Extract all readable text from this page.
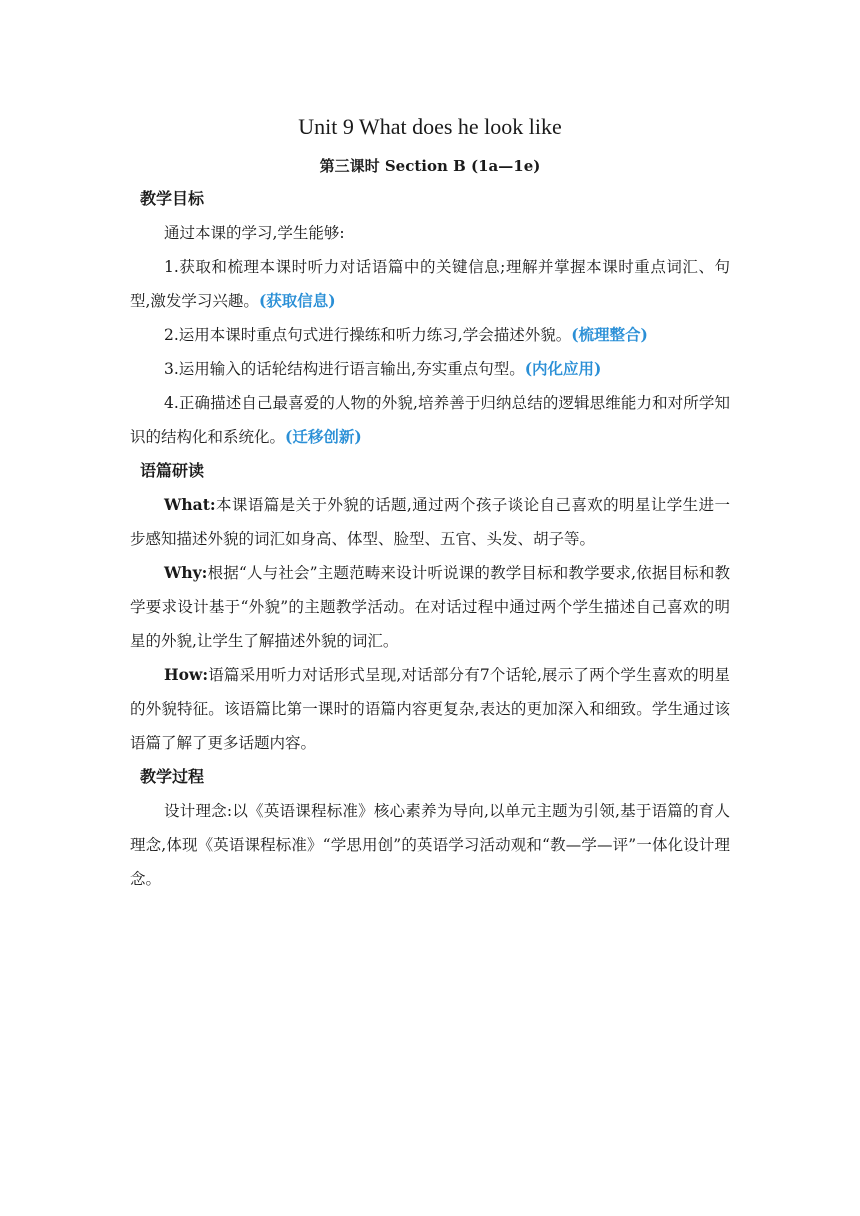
Unit 9 What does he look like
第三课时 Section B (1a—1e)
教学目标

通过本课的学习,学生能够:

1.获取和梳理本课时听力对话语篇中的关键信息;理解并掌握本课时重点词汇、句型,激发学习兴趣。(获取信息)

2.运用本课时重点句式进行操练和听力练习,学会描述外貌。(梳理整合)

3.运用输入的话轮结构进行语言输出,夯实重点句型。(内化应用)

4.正确描述自己最喜爱的人物的外貌,培养善于归纳总结的逻辑思维能力和对所学知识的结构化和系统化。(迁移创新)

语篇研读

What:本课语篇是关于外貌的话题,通过两个孩子谈论自己喜欢的明星让学生进一步感知描述外貌的词汇如身高、体型、脸型、五官、头发、胡子等。

Why:根据“人与社会”主题范畴来设计听说课的教学目标和教学要求,依据目标和教学要求设计基于“外貌”的主题教学活动。在对话过程中通过两个学生描述自己喜欢的明星的外貌,让学生了解描述外貌的词汇。

How:语篇采用听力对话形式呈现,对话部分有7个话轮,展示了两个学生喜欢的明星的外貌特征。该语篇比第一课时的语篇内容更复杂,表达的更加深入和细致。学生通过该语篇了解了更多话题内容。

教学过程

设计理念:以《英语课程标准》核心素养为导向,以单元主题为引领,基于语篇的育人理念,体现《英语课程标准》“学思用创”的英语学习活动观和“教—学—评”一体化设计理念。
